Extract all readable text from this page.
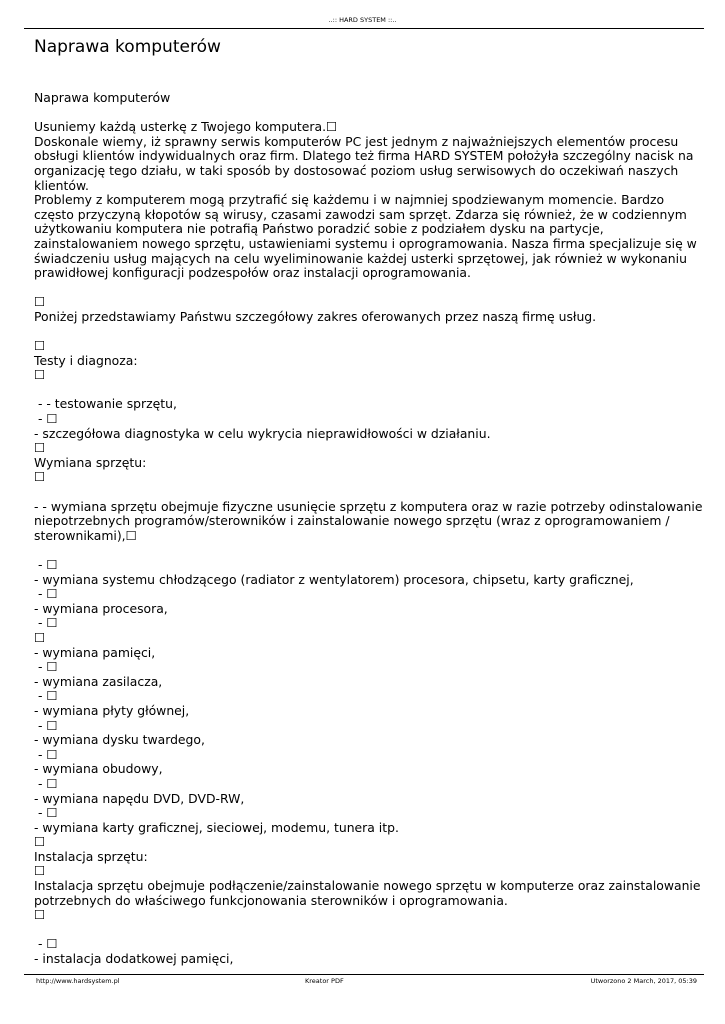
..:: HARD SYSTEM ::..
Naprawa komputerów
Naprawa komputerów
Usuniemy każdą usterkę z Twojego komputera.☐
Doskonale wiemy, iż sprawny serwis komputerów PC jest jednym z najważniejszych elementów procesu obsługi klientów indywidualnych oraz firm. Dlatego też firma HARD SYSTEM położyła szczególny nacisk na organizację tego działu, w taki sposób by dostosować poziom usług serwisowych do oczekiwań naszych klientów.
Problemy z komputerem mogą przytrafić się każdemu i w najmniej spodziewanym momencie. Bardzo często przyczyną kłopotów są wirusy, czasami zawodzi sam sprzęt. Zdarza się również, że w codziennym użytkowaniu komputera nie potrafią Państwo poradzić sobie z podziałem dysku na partycje, zainstalowaniem nowego sprzętu, ustawieniami systemu i oprogramowania. Nasza firma specjalizuje się w świadczeniu usług mających na celu wyeliminowanie każdej usterki sprzętowej, jak również w wykonaniu prawidłowej konfiguracji podzespołów oraz instalacji oprogramowania.
☐
Poniżej przedstawiamy Państwu szczegółowy zakres oferowanych przez naszą firmę usług.
☐
Testy i diagnoza:
☐
- - testowanie sprzętu,
- ☐
- szczegółowa diagnostyka w celu wykrycia nieprawidłowości w działaniu.
☐
Wymiana sprzętu:
☐
- - wymiana sprzętu obejmuje fizyczne usunięcie sprzętu z komputera oraz w razie potrzeby odinstalowanie niepotrzebnych programów/sterowników i zainstalowanie nowego sprzętu (wraz z oprogramowaniem / sterownikami),☐
- ☐
- wymiana systemu chłodzącego (radiator z wentylatorem) procesora, chipsetu, karty graficznej,
- ☐
- wymiana procesora,
- ☐
☐
- wymiana pamięci,
- ☐
- wymiana zasilacza,
- ☐
- wymiana płyty głównej,
- ☐
- wymiana dysku twardego,
- ☐
- wymiana obudowy,
- ☐
- wymiana napędu DVD, DVD-RW,
- ☐
- wymiana karty graficznej, sieciowej, modemu, tunera itp.
☐
Instalacja sprzętu:
☐
Instalacja sprzętu obejmuje podłączenie/zainstalowanie nowego sprzętu w komputerze oraz zainstalowanie potrzebnych do właściwego funkcjonowania sterowników i oprogramowania.
☐
- ☐
- instalacja dodatkowej pamięci,
http://www.hardsystem.pl	Kreator PDF	Utworzono 2 March, 2017, 05:39
